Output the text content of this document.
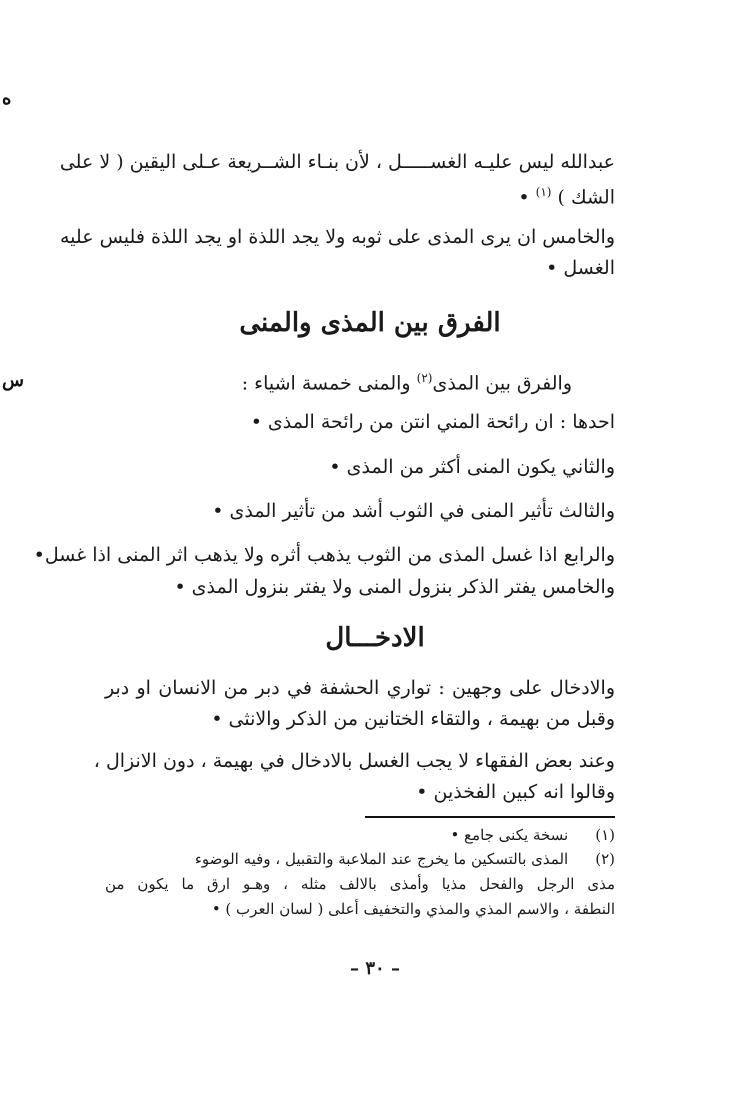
ه
س
عبدالله ليس عليـه الغســـــل ، لأن بنـاء الشــريعة عـلى اليقين ( لا على
الشك ) $^{(١)}$ •
والخامس ان يرى المذى على ثوبه ولا يجد اللذة او يجد اللذة فليس عليه
الغسل •
الفرق بين المذى والمنى
والفرق بين المذى$^{(٢)}$ والمنى خمسة اشياء :
احدها : ان رائحة المني انتن من رائحة المذى •
والثاني يكون المنى أكثر من المذى •
والثالث تأثير المنى في الثوب أشد من تأثير المذى •
والرابع اذا غسل المذى من الثوب يذهب أثره ولا يذهب اثر المنى اذا غسل•
والخامس يفتر الذكر بنزول المنى ولا يفتر بنزول المذى •
الادخـــال
والادخال على وجهين : تواري الحشفة في دبر من الانسان او دبر
وقبل من بهيمة ، والتقاء الختانين من الذكر والانثى •
وعند بعض الفقهاء لا يجب الغسل بالادخال في بهيمة ، دون الانزال ،
وقالوا انه كبين الفخذين •
(١) نسخة يكنى جامع •
(٢) المذى بالتسكين ما يخرج عند الملاعبة والتقبيل ، وفيه الوضوء
مذى الرجل والفحل مذيا وأمذى بالالف مثله ، وهـو ارق ما يكون من
النطفة ، والاسم المذي والمذي والتخفيف أعلى ( لسان العرب ) •
– ٣٠ –
